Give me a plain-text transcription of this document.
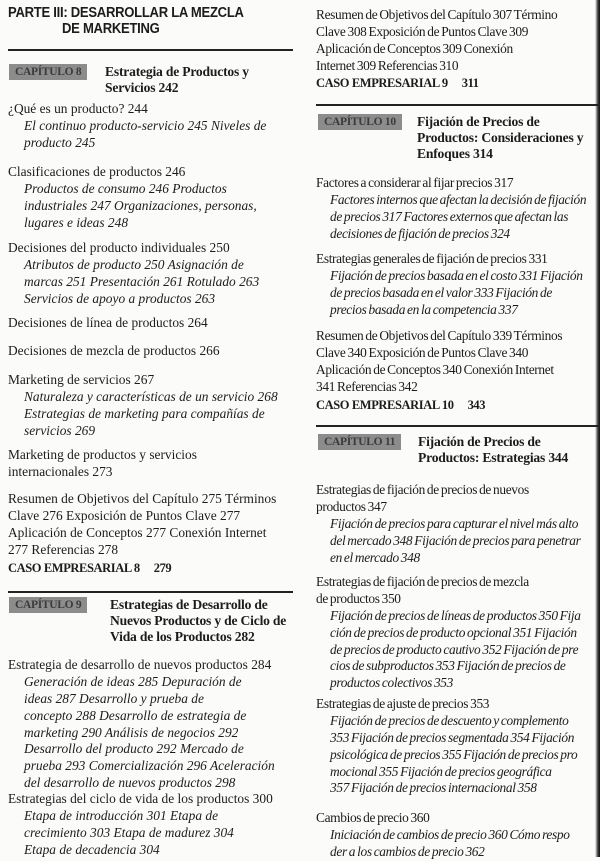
PARTE III: DESARROLLAR LA MEZCLA
DE MARKETING
CAPÍTULO 8	Estrategia de Productos y
Servicios 242
¿Qué es un producto? 244
El continuo producto-servicio 245 Niveles de
producto 245
Clasificaciones de productos 246
Productos de consumo 246 Productos
industriales 247 Organizaciones, personas,
lugares e ideas 248
Decisiones del producto individuales 250
Atributos de producto 250 Asignación de
marcas 251 Presentación 261 Rotulado 263
Servicios de apoyo a productos 263
Decisiones de línea de productos 264
Decisiones de mezcla de productos 266
Marketing de servicios 267
Naturaleza y características de un servicio 268
Estrategias de marketing para compañías de
servicios 269
Marketing de productos y servicios
internacionales 273
Resumen de Objetivos del Capítulo 275 Términos
Clave 276 Exposición de Puntos Clave 277
Aplicación de Conceptos 277 Conexión Internet
277 Referencias 278
CASO EMPRESARIAL 8 279
CAPÍTULO 9	Estrategias de Desarrollo de
Nuevos Productos y de Ciclo de
Vida de los Productos 282
Estrategia de desarrollo de nuevos productos 284
Generación de ideas 285 Depuración de
ideas 287 Desarrollo y prueba de
concepto 288 Desarrollo de estrategia de
marketing 290 Análisis de negocios 292
Desarrollo del producto 292 Mercado de
prueba 293 Comercialización 296 Aceleración
del desarrollo de nuevos productos 298
Estrategias del ciclo de vida de los productos 300
Etapa de introducción 301 Etapa de
crecimiento 303 Etapa de madurez 304
Etapa de decadencia 304
Resumen de Objetivos del Capítulo 307 Término
Clave 308 Exposición de Puntos Clave 309
Aplicación de Conceptos 309 Conexión
Internet 309 Referencias 310
CASO EMPRESARIAL 9 311
CAPÍTULO 10	Fijación de Precios de
Productos: Consideraciones y
Enfoques 314
Factores a considerar al fijar precios 317
Factores internos que afectan la decisión de fijación
de precios 317 Factores externos que afectan las
decisiones de fijación de precios 324
Estrategias generales de fijación de precios 331
Fijación de precios basada en el costo 331 Fijación
de precios basada en el valor 333 Fijación de
precios basada en la competencia 337
Resumen de Objetivos del Capítulo 339 Términos
Clave 340 Exposición de Puntos Clave 340
Aplicación de Conceptos 340 Conexión Internet
341 Referencias 342
CASO EMPRESARIAL 10 343
CAPÍTULO 11	Fijación de Precios de
Productos: Estrategias 344
Estrategias de fijación de precios de nuevos
productos 347
Fijación de precios para capturar el nivel más alto
del mercado 348 Fijación de precios para penetrar
en el mercado 348
Estrategias de fijación de precios de mezcla
de productos 350
Fijación de precios de líneas de productos 350 Fija
ción de precios de producto opcional 351 Fijación
de precios de producto cautivo 352 Fijación de pre
cios de subproductos 353 Fijación de precios de
productos colectivos 353
Estrategias de ajuste de precios 353
Fijación de precios de descuento y complemento
353 Fijación de precios segmentada 354 Fijación
psicológica de precios 355 Fijación de precios pro
mocional 355 Fijación de precios geográfica
357 Fijación de precios internacional 358
Cambios de precio 360
Iniciación de cambios de precio 360 Cómo respo
der a los cambios de precio 362
